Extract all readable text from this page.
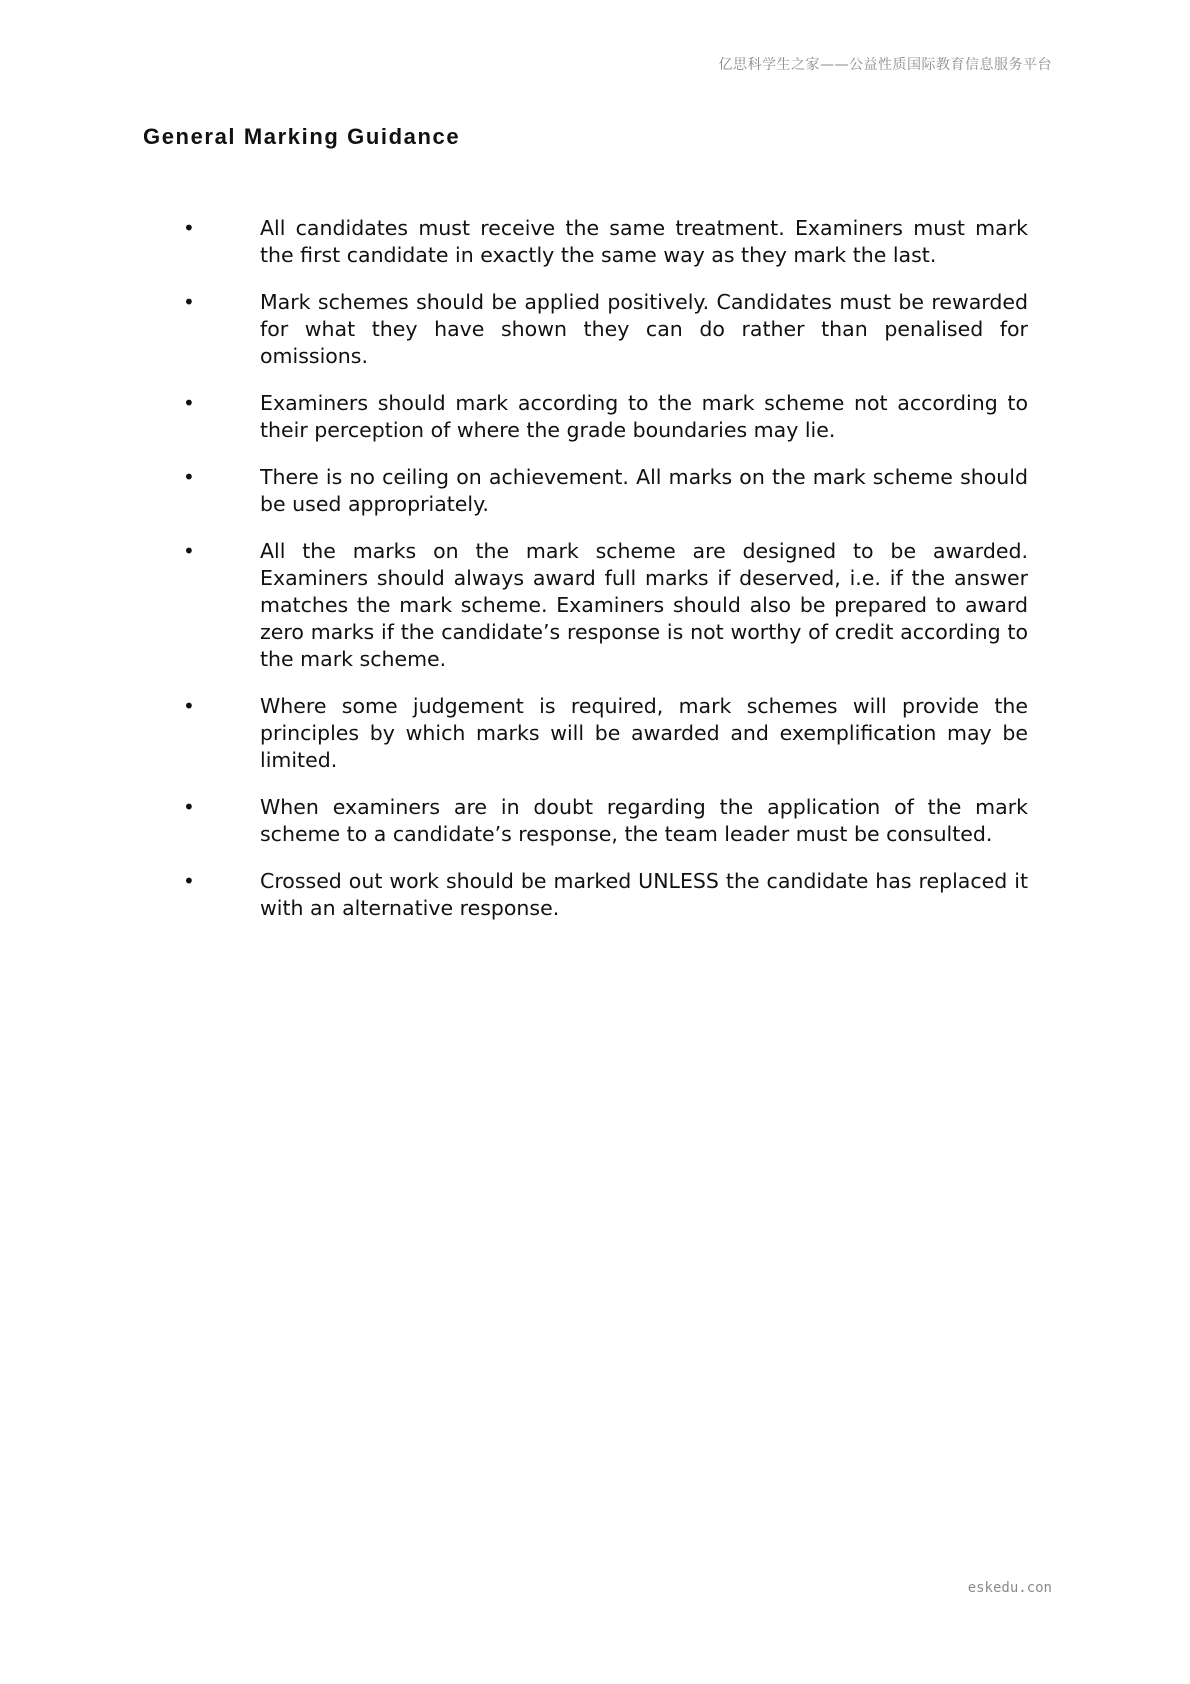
亿思科学生之家——公益性质国际教育信息服务平台
General Marking Guidance
•	All candidates must receive the same treatment. Examiners must mark the first candidate in exactly the same way as they mark the last.
•	Mark schemes should be applied positively. Candidates must be rewarded for what they have shown they can do rather than penalised for omissions.
•	Examiners should mark according to the mark scheme not according to their perception of where the grade boundaries may lie.
•	There is no ceiling on achievement. All marks on the mark scheme should be used appropriately.
•	All the marks on the mark scheme are designed to be awarded. Examiners should always award full marks if deserved, i.e. if the answer matches the mark scheme. Examiners should also be prepared to award zero marks if the candidate’s response is not worthy of credit according to the mark scheme.
•	Where some judgement is required, mark schemes will provide the principles by which marks will be awarded and exemplification may be limited.
•	When examiners are in doubt regarding the application of the mark scheme to a candidate’s response, the team leader must be consulted.
•	Crossed out work should be marked UNLESS the candidate has replaced it with an alternative response.
eskedu.con
